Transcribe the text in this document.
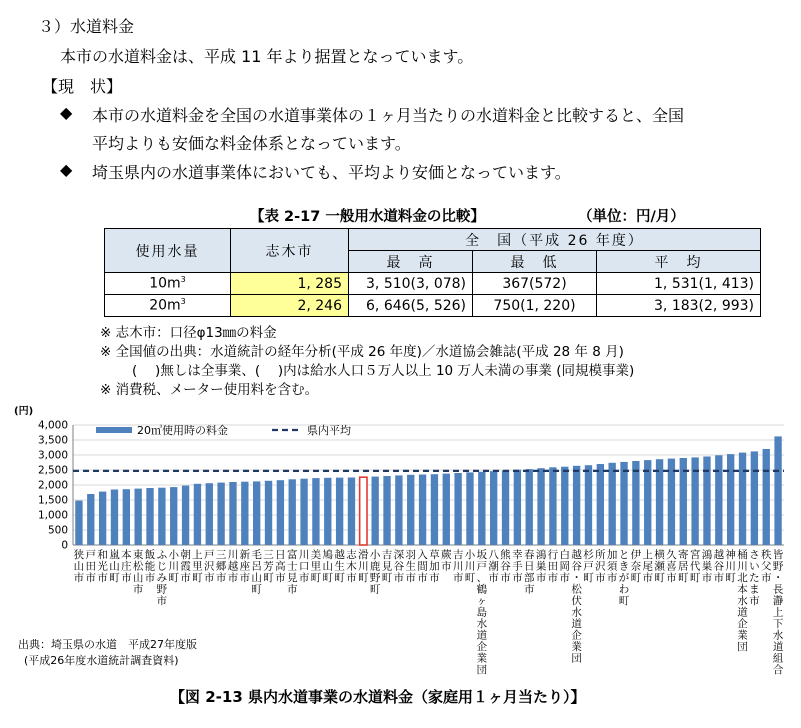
３）水道料金
本市の水道料金は、平成 11 年より据置となっています。
【現　状】
◆ 本市の水道料金を全国の水道事業体の１ヶ月当たりの水道料金と比較すると、全国
平均よりも安価な料金体系となっています。
◆ 埼玉県内の水道事業体においても、平均より安価となっています。
【表 2-17 一般用水道料金の比較】	（単位：円/月）
使用水量	志木市	全　国（平成 26 年度）		
		最　高	最　低	平　均
$10m^3$	1, 285	3, 510(3, 078)	367(572)	1, 531(1, 413)
$20m^3$	2, 246	6, 646(5, 526)	750(1, 220)	3, 183(2, 993)
※ 志木市：口径φ13㎜の料金
※ 全国値の出典：水道統計の経年分析(平成 26 年度)／水道協会雑誌(平成 28 年 8 月)
( 　)無しは全事業、( 　)内は給水人口５万人以上 10 万人未満の事業 (同規模事業)
※ 消費税、メーター使用料を含む。
(円)
0
500
1,000
1,500
2,000
2,500
3,000
3,500
4,000
狭山市
戸田市
和光市
嵐山町
本庄市
東松山市
飯能市
ふじみ野市
小川町
朝霞市
上里町
戸沢市
三郷市
川越市
新座市
毛呂山町
三芳町
日高市
富士見市
川口市
美里町
鳩山町
越生町
志木市
滑川町
小鹿野町
吉見町
深谷市
羽生市
入間市
草加市
蕨市
吉川市
小川町
坂戸、鶴ヶ島水道企業団
八潮市
熊谷市
幸手市
春日部市
鴻巣市
行田市
白岡市
越谷・松伏水道企業団
杉戸町
所沢市
加須市
ときがわ町
伊奈町
上尾市
横瀬町
久喜市
寄居町
宮代町
鴻巣市
越谷市
神川町
桶川北本水道企業団
さいたま市
秩父市
皆野・長瀞上下水道組合
20㎥使用時の料金	県内平均
出典：埼玉県の水道　平成27年度版
(平成26年度水道統計調査資料)
【図 2-13 県内水道事業の水道料金（家庭用１ヶ月当たり）】
